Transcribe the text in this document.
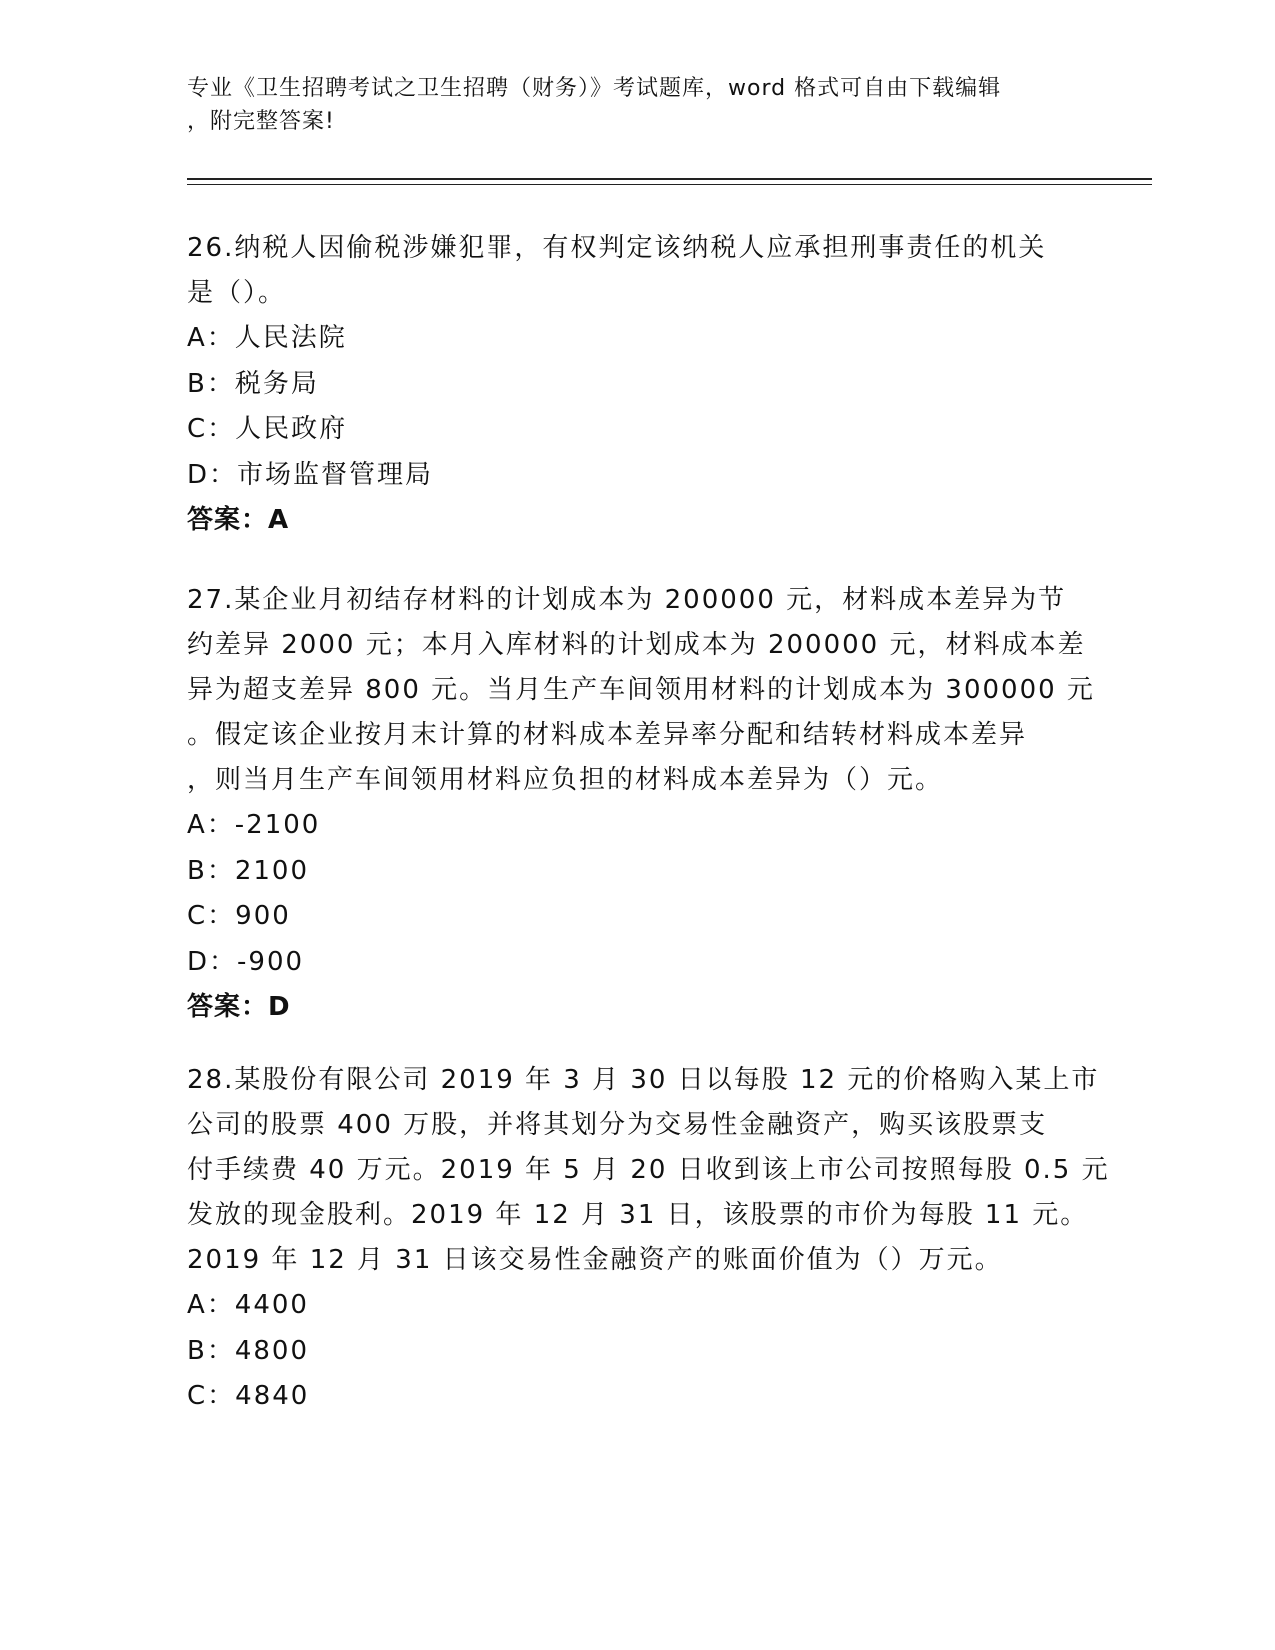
专业《卫生招聘考试之卫生招聘（财务）》考试题库，word 格式可自由下载编辑
，附完整答案!
26.纳税人因偷税涉嫌犯罪，有权判定该纳税人应承担刑事责任的机关
是（）。
A：人民法院
B：税务局
C：人民政府
D：市场监督管理局
答案：A
27.某企业月初结存材料的计划成本为 200000 元，材料成本差异为节
约差异 2000 元；本月入库材料的计划成本为 200000 元，材料成本差
异为超支差异 800 元。当月生产车间领用材料的计划成本为 300000 元
。假定该企业按月末计算的材料成本差异率分配和结转材料成本差异
，则当月生产车间领用材料应负担的材料成本差异为（）元。
A：-2100
B：2100
C：900
D：-900
答案：D
28.某股份有限公司 2019 年 3 月 30 日以每股 12 元的价格购入某上市
公司的股票 400 万股，并将其划分为交易性金融资产，购买该股票支
付手续费 40 万元。2019 年 5 月 20 日收到该上市公司按照每股 0.5 元
发放的现金股利。2019 年 12 月 31 日，该股票的市价为每股 11 元。
2019 年 12 月 31 日该交易性金融资产的账面价值为（）万元。
A：4400
B：4800
C：4840
